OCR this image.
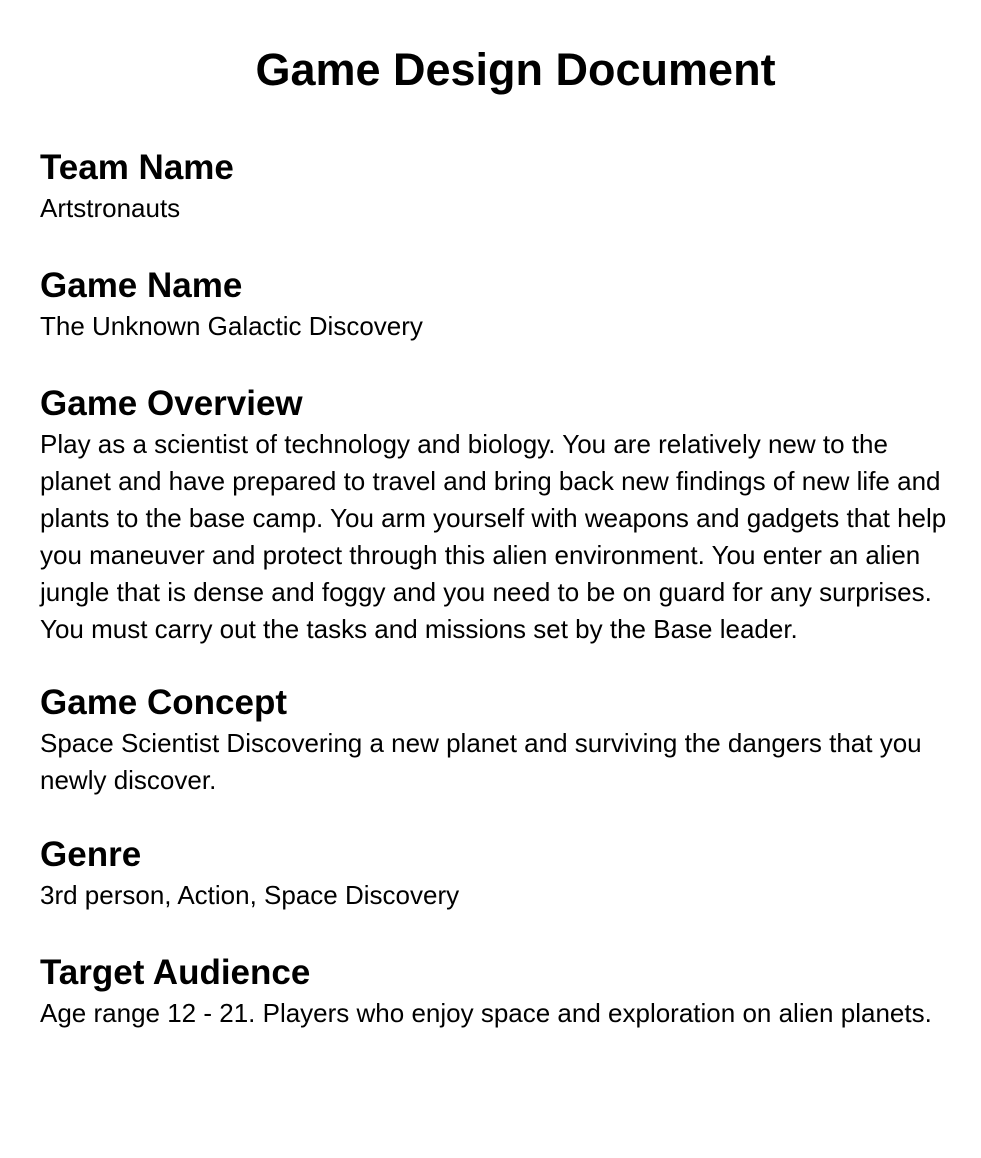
Game Design Document
Team Name

Artstronauts

Game Name

The Unknown Galactic Discovery

Game Overview

Play as a scientist of technology and biology. You are relatively new to the planet and have prepared to travel and bring back new findings of new life and plants to the base camp. You arm yourself with weapons and gadgets that help you maneuver and protect through this alien environment. You enter an alien jungle that is dense and foggy and you need to be on guard for any surprises. You must carry out the tasks and missions set by the Base leader.

Game Concept

Space Scientist Discovering a new planet and surviving the dangers that you newly discover.

Genre

3rd person, Action, Space Discovery

Target Audience

Age range 12 - 21. Players who enjoy space and exploration on alien planets.
